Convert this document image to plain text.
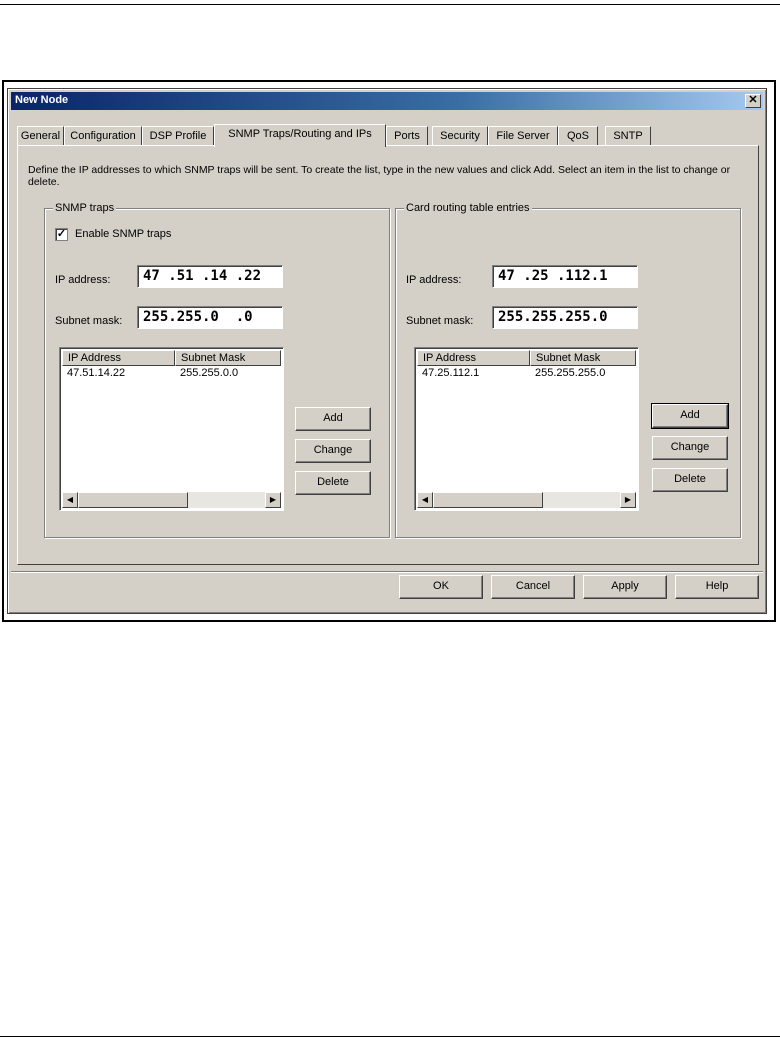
New Node	✕
General Configuration	DSP Profile	SNMP Traps/Routing and IPs	Ports	Security	File Server	QoS	SNTP
Define the IP addresses to which SNMP traps will be sent. To create the list, type in the new values and click Add. Select an item in the list to change or delete.
SNMP traps
✓ Enable SNMP traps
IP address:	47 .51 .14 .22
Subnet mask:	255.255.0  .0
IP Address	Subnet Mask
47.51.14.22	255.255.0.0
◀	▶
Add
Change
Delete
Card routing table entries
IP address:	47 .25 .112.1
Subnet mask:	255.255.255.0
IP Address	Subnet Mask
47.25.112.1	255.255.255.0
◀	▶
Add
Change
Delete
OK	Cancel	Apply	Help
